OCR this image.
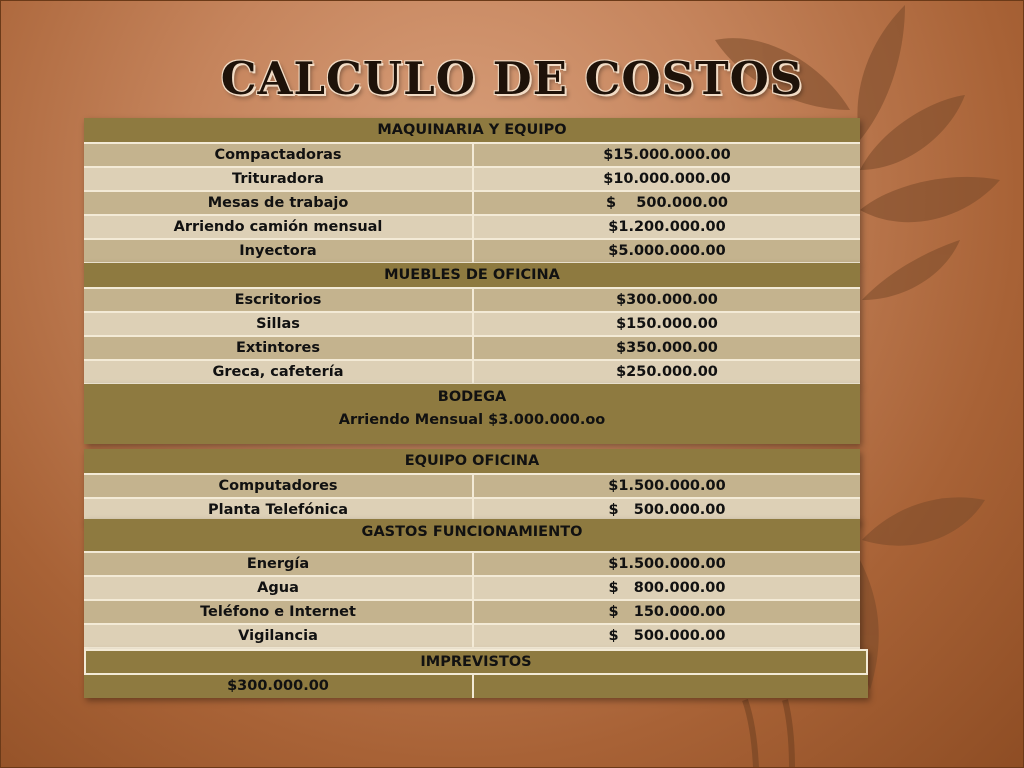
CALCULO DE COSTOS
MAQUINARIA Y EQUIPO
Compactadoras	$15.000.000.00
Trituradora	$10.000.000.00
Mesas de trabajo	$    500.000.00
Arriendo camión mensual	$1.200.000.00
Inyectora	$5.000.000.00
MUEBLES DE OFICINA
Escritorios	$300.000.00
Sillas	$150.000.00
Extintores	$350.000.00
Greca, cafetería	$250.000.00
BODEGA
Arriendo Mensual $3.000.000.oo
EQUIPO OFICINA
Computadores	$1.500.000.00
Planta Telefónica	$   500.000.00
GASTOS FUNCIONAMIENTO
Energía	$1.500.000.00
Agua	$   800.000.00
Teléfono e Internet	$   150.000.00
Vigilancia	$   500.000.00
IMPREVISTOS
$300.000.00
